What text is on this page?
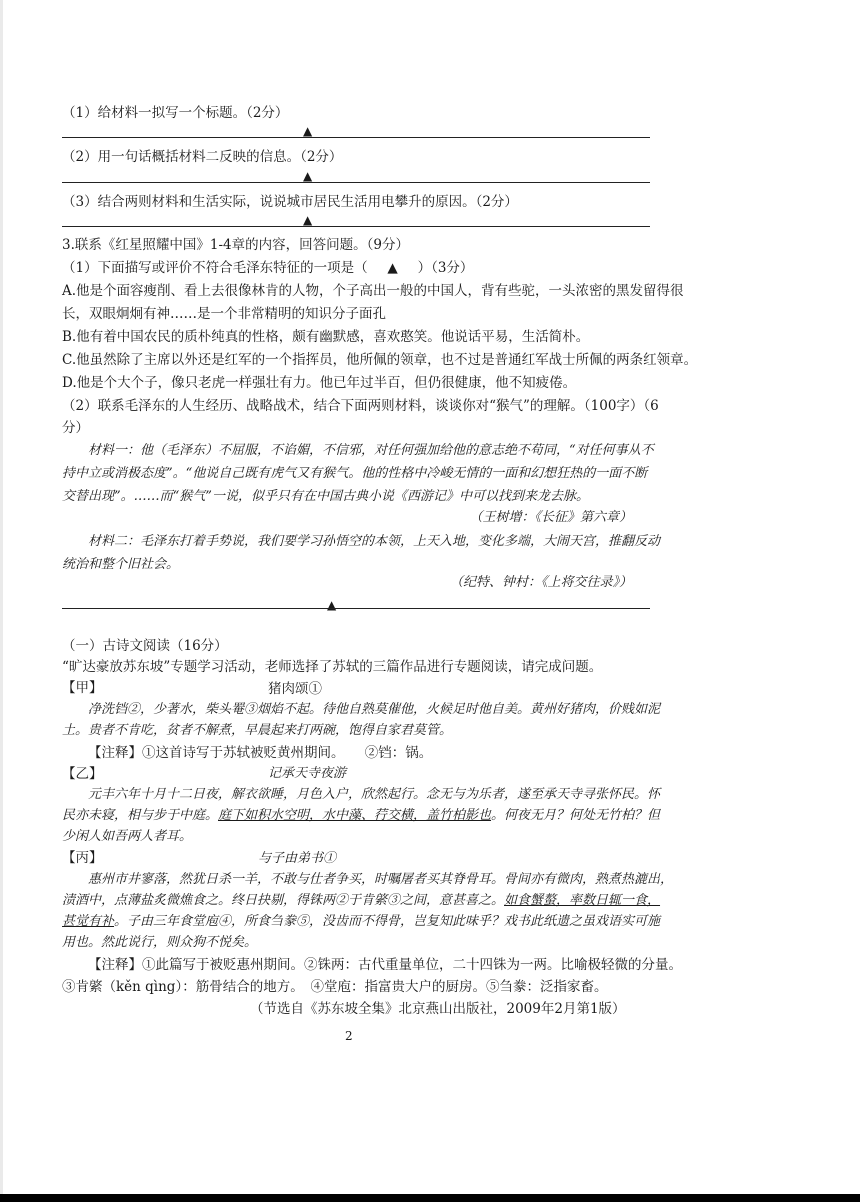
（1）给材料一拟写一个标题。（2分）
▲
（2）用一句话概括材料二反映的信息。（2分）
▲
（3）结合两则材料和生活实际，说说城市居民生活用电攀升的原因。（2分）
▲
3.联系《红星照耀中国》1-4章的内容，回答问题。（9分）
（1）下面描写或评价不符合毛泽东特征的一项是（ ▲ ）（3分）
A.他是个面容瘦削、看上去很像林肯的人物，个子高出一般的中国人，背有些驼，一头浓密的黑发留得很
长，双眼炯炯有神……是一个非常精明的知识分子面孔
B.他有着中国农民的质朴纯真的性格，颇有幽默感，喜欢憨笑。他说话平易，生活简朴。
C.他虽然除了主席以外还是红军的一个指挥员，他所佩的领章，也不过是普通红军战士所佩的两条红领章。
D.他是个大个子，像只老虎一样强壮有力。他已年过半百，但仍很健康，他不知疲倦。
（2）联系毛泽东的人生经历、战略战术，结合下面两则材料，谈谈你对“猴气”的理解。（100字）（6
分）
材料一：他（毛泽东）不屈服，不谄媚，不信邪，对任何强加给他的意志绝不苟同，“对任何事从不
持中立或消极态度”。“他说自己既有虎气又有猴气。他的性格中冷峻无情的一面和幻想狂热的一面不断
交替出现”。……而“猴气”一说，似乎只有在中国古典小说《西游记》中可以找到来龙去脉。
（王树增：《长征》第六章）
材料二：毛泽东打着手势说，我们要学习孙悟空的本领，上天入地，变化多端，大闹天宫，推翻反动
统治和整个旧社会。
（纪特、钟村：《上将交往录》）
▲
（一）古诗文阅读（16分）
“旷达豪放苏东坡”专题学习活动，老师选择了苏轼的三篇作品进行专题阅读，请完成问题。
【甲】	猪肉颂①
净洗铛②，少著水，柴头罨③烟焰不起。待他自熟莫催他，火候足时他自美。黄州好猪肉，价贱如泥
土。贵者不肯吃，贫者不解煮，早晨起来打两碗，饱得自家君莫管。
【注释】①这首诗写于苏轼被贬黄州期间。　　②铛：锅。
【乙】	记承天寺夜游
元丰六年十月十二日夜，解衣欲睡，月色入户，欣然起行。念无与为乐者，遂至承天寺寻张怀民。怀
民亦未寝，相与步于中庭。庭下如积水空明，水中藻、荇交横，盖竹柏影也。何夜无月？何处无竹柏？但
少闲人如吾两人者耳。
【丙】	与子由弟书①
惠州市井寥落，然犹日杀一羊，不敢与仕者争买，时嘱屠者买其脊骨耳。骨间亦有微肉，熟煮热漉出，
渍酒中，点薄盐炙微燋食之。终日抉剔，得铢两②于肯綮③之间，意甚喜之。如食蟹螯，率数日辄一食，
甚觉有补。子由三年食堂庖④，所食刍豢⑤，没齿而不得骨，岂复知此味乎？戏书此纸遗之虽戏语实可施
用也。然此说行，则众狗不悦矣。
【注释】①此篇写于被贬惠州期间。②铢两：古代重量单位，二十四铢为一两。比喻极轻微的分量。
③肯綮（kěn qìng）：筋骨结合的地方。　④堂庖：指富贵大户的厨房。⑤刍豢：泛指家畜。
（节选自《苏东坡全集》北京燕山出版社，2009年2月第1版）
2
